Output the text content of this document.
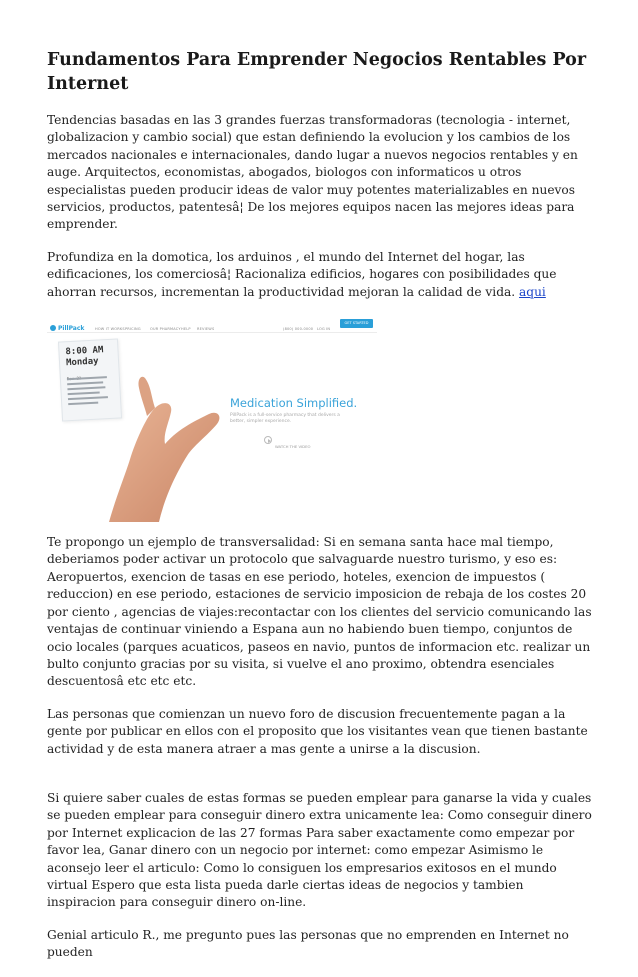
Fundamentos Para Emprender Negocios Rentables Por Internet

Tendencias basadas en las 3 grandes fuerzas transformadoras (tecnologia - internet, globalizacion y cambio social) que estan definiendo la evolucion y los cambios de los mercados nacionales e internacionales, dando lugar a nuevos negocios rentables y en auge. Arquitectos, economistas, abogados, biologos con informaticos u otros especialistas pueden producir ideas de valor muy potentes materializables en nuevos servicios, productos, patentesâ¦ De los mejores equipos nacen las mejores ideas para emprender.

Profundiza en la domotica, los arduinos , el mundo del Internet del hogar, las edificaciones, los comerciosâ¦ Racionaliza edificios, hogares con posibilidades que ahorran recursos, incrementan la productividad mejoran la calidad de vida. aqui

PillPack	HOW IT WORKS PRICING	OUR PHARMACY HELP REVIEWS	(800) 000-0000 LOG IN
GET STARTED
8:00 AM
Monday
Medication Simplified.
PillPack is a full-service pharmacy that delivers a better, simpler experience.
WATCH THE VIDEO

Te propongo un ejemplo de transversalidad: Si en semana santa hace mal tiempo, deberiamos poder activar un protocolo que salvaguarde nuestro turismo, y eso es: Aeropuertos, exencion de tasas en ese periodo, hoteles, exencion de impuestos ( reduccion) en ese periodo, estaciones de servicio imposicion de rebaja de los costes 20 por ciento , agencias de viajes:recontactar con los clientes del servicio comunicando las ventajas de continuar viniendo a Espana aun no habiendo buen tiempo, conjuntos de ocio locales (parques acuaticos, paseos en navio, puntos de informacion etc. realizar un bulto conjunto gracias por su visita, si vuelve el ano proximo, obtendra esenciales descuentosâ etc etc etc.

Las personas que comienzan un nuevo foro de discusion frecuentemente pagan a la gente por publicar en ellos con el proposito que los visitantes vean que tienen bastante actividad y de esta manera atraer a mas gente a unirse a la discusion.

Si quiere saber cuales de estas formas se pueden emplear para ganarse la vida y cuales se pueden emplear para conseguir dinero extra unicamente lea: Como conseguir dinero por Internet explicacion de las 27 formas Para saber exactamente como empezar por favor lea, Ganar dinero con un negocio por internet: como empezar Asimismo le aconsejo leer el articulo: Como lo consiguen los empresarios exitosos en el mundo virtual Espero que esta lista pueda darle ciertas ideas de negocios y tambien inspiracion para conseguir dinero on-line.

Genial articulo R., me pregunto pues las personas que no emprenden en Internet no pueden
